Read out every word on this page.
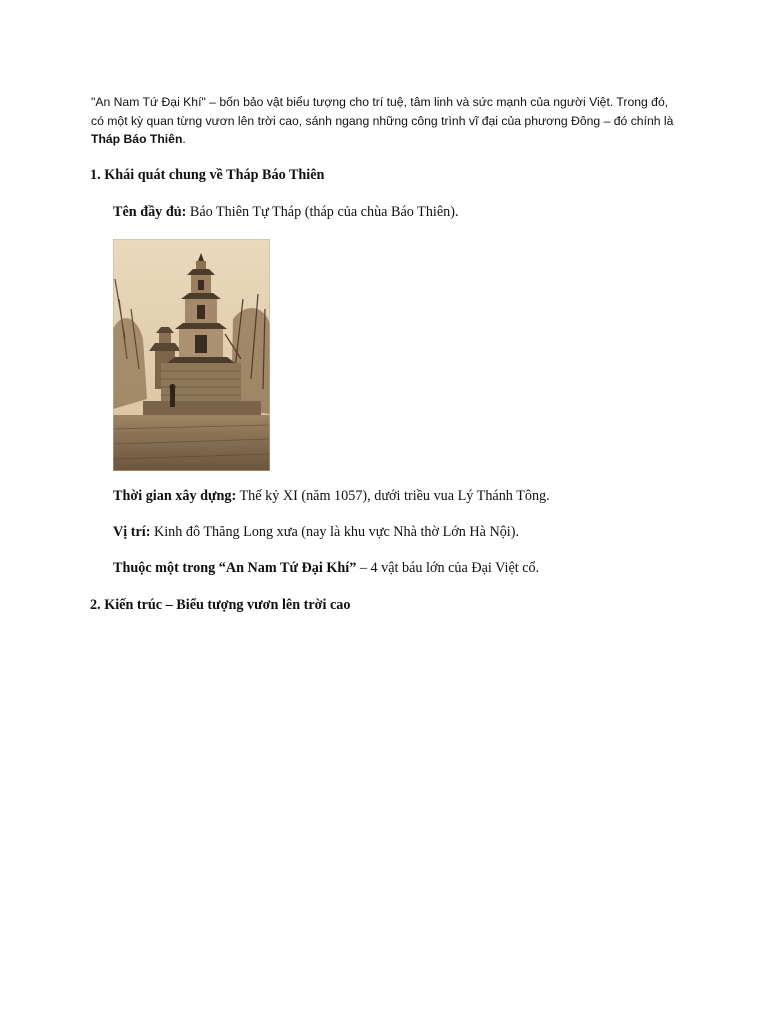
"An Nam Tứ Đại Khí" – bốn bảo vật biểu tượng cho trí tuệ, tâm linh và sức mạnh của người Việt. Trong đó, có một kỳ quan từng vươn lên trời cao, sánh ngang những công trình vĩ đại của phương Đông – đó chính là Tháp Báo Thiên.

1. Khái quát chung về Tháp Báo Thiên

Tên đầy đủ: Báo Thiên Tự Tháp (tháp của chùa Báo Thiên).

Thời gian xây dựng: Thế kỷ XI (năm 1057), dưới triều vua Lý Thánh Tông.

Vị trí: Kinh đô Thăng Long xưa (nay là khu vực Nhà thờ Lớn Hà Nội).

Thuộc một trong “An Nam Tứ Đại Khí” – 4 vật báu lớn của Đại Việt cổ.

2. Kiến trúc – Biểu tượng vươn lên trời cao
